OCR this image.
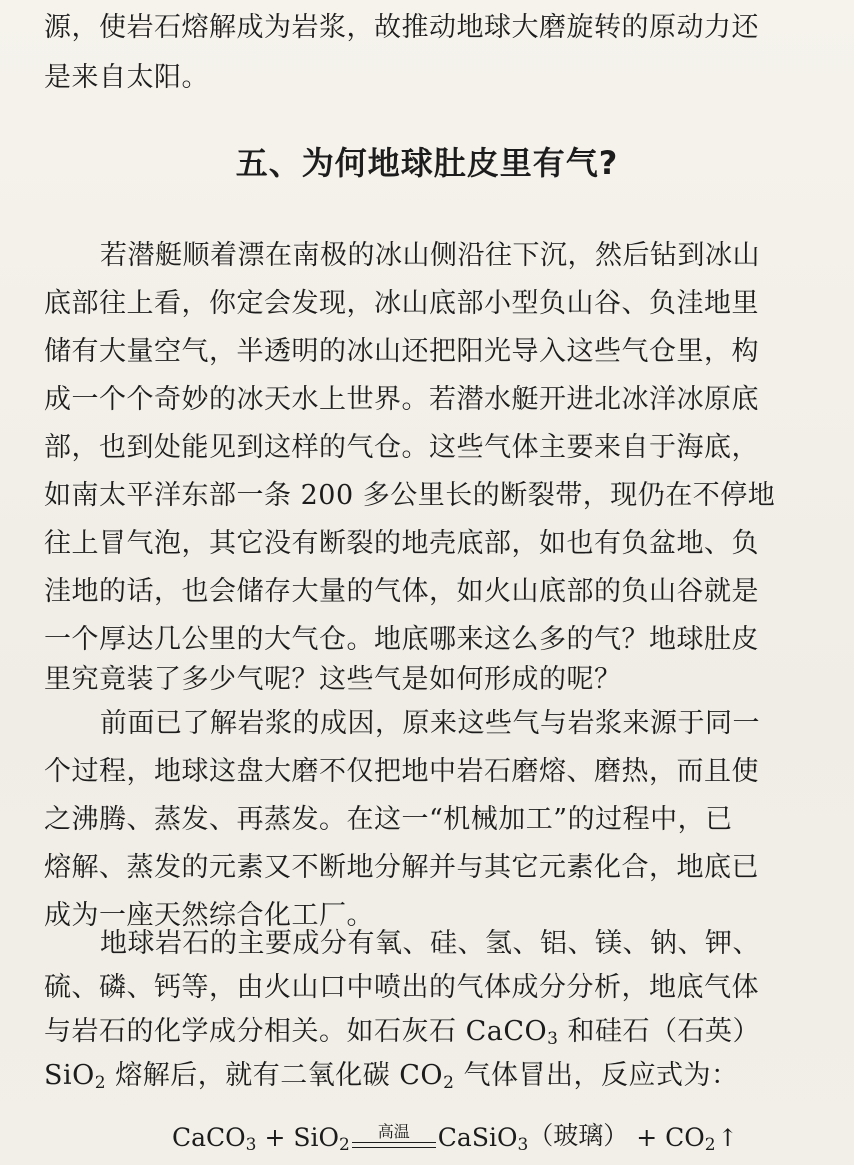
源，使岩石熔解成为岩浆，故推动地球大磨旋转的原动力还
是来自太阳。
五、为何地球肚皮里有气?
若潜艇顺着漂在南极的冰山侧沿往下沉，然后钻到冰山
底部往上看，你定会发现，冰山底部小型负山谷、负洼地里
储有大量空气，半透明的冰山还把阳光导入这些气仓里，构
成一个个奇妙的冰天水上世界。若潜水艇开进北冰洋冰原底
部，也到处能见到这样的气仓。这些气体主要来自于海底，
如南太平洋东部一条 200 多公里长的断裂带，现仍在不停地
往上冒气泡，其它没有断裂的地壳底部，如也有负盆地、负
洼地的话，也会储存大量的气体，如火山底部的负山谷就是
一个厚达几公里的大气仓。地底哪来这么多的气？地球肚皮
里究竟装了多少气呢？这些气是如何形成的呢？
前面已了解岩浆的成因，原来这些气与岩浆来源于同一
个过程，地球这盘大磨不仅把地中岩石磨熔、磨热，而且使
之沸腾、蒸发、再蒸发。在这一“机械加工”的过程中，已
熔解、蒸发的元素又不断地分解并与其它元素化合，地底已
成为一座天然综合化工厂。
地球岩石的主要成分有氧、硅、氢、铝、镁、钠、钾、
硫、磷、钙等，由火山口中喷出的气体成分分析，地底气体
与岩石的化学成分相关。如石灰石 CaCO$_3$ 和硅石（石英）
CaCO$_3$ + SiO$_2$
高温 CaSiO$_3$ （玻璃） + $CO_2$ ↑
SiO$_2$ 熔解后，就有二氧化碳 $CO_2$ 气体冒出，反应式为：
